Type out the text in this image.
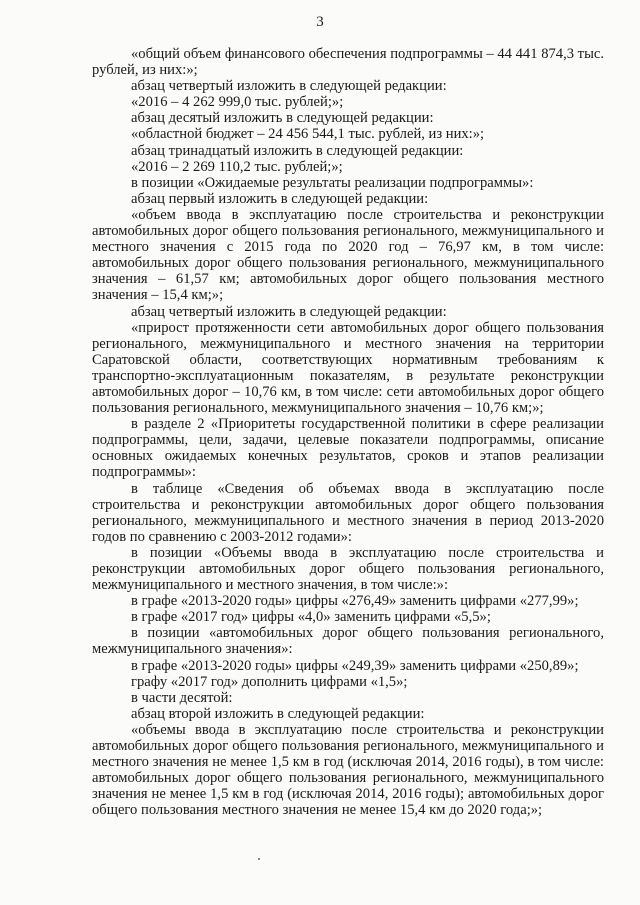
3

«общий объем финансового обеспечения подпрограммы – 44 441 874,3 тыс. рублей, из них:»;

абзац четвертый изложить в следующей редакции:

«2016 – 4 262 999,0 тыс. рублей;»;

абзац десятый изложить в следующей редакции:

«областной бюджет – 24 456 544,1 тыс. рублей, из них:»;

абзац тринадцатый изложить в следующей редакции:

«2016 – 2 269 110,2 тыс. рублей;»;

в позиции «Ожидаемые результаты реализации подпрограммы»:

абзац первый изложить в следующей редакции:

«объем ввода в эксплуатацию после строительства и реконструкции автомобильных дорог общего пользования регионального, межмуниципального и местного значения с 2015 года по 2020 год – 76,97 км, в том числе: автомобильных дорог общего пользования регионального, межмуниципального значения – 61,57 км; автомобильных дорог общего пользования местного значения – 15,4 км;»;

абзац четвертый изложить в следующей редакции:

«прирост протяженности сети автомобильных дорог общего пользования регионального, межмуниципального и местного значения на территории Саратовской области, соответствующих нормативным требованиям к транспортно-эксплуатационным показателям, в результате реконструкции автомобильных дорог – 10,76 км, в том числе: сети автомобильных дорог общего пользования регионального, межмуниципального значения – 10,76 км;»;

в разделе 2 «Приоритеты государственной политики в сфере реализации подпрограммы, цели, задачи, целевые показатели подпрограммы, описание основных ожидаемых конечных результатов, сроков и этапов реализации подпрограммы»:

в таблице «Сведения об объемах ввода в эксплуатацию после строительства и реконструкции автомобильных дорог общего пользования регионального, межмуниципального и местного значения в период 2013-2020 годов по сравнению с 2003-2012 годами»:

в позиции «Объемы ввода в эксплуатацию после строительства и реконструкции автомобильных дорог общего пользования регионального, межмуниципального и местного значения, в том числе:»:

в графе «2013-2020 годы» цифры «276,49» заменить цифрами «277,99»;

в графе «2017 год» цифры «4,0» заменить цифрами «5,5»;

в позиции «автомобильных дорог общего пользования регионального, межмуниципального значения»:

в графе «2013-2020 годы» цифры «249,39» заменить цифрами «250,89»;

графу «2017 год» дополнить цифрами «1,5»;

в части десятой:

абзац второй изложить в следующей редакции:

«объемы ввода в эксплуатацию после строительства и реконструкции автомобильных дорог общего пользования регионального, межмуниципального и местного значения не менее 1,5 км в год (исключая 2014, 2016 годы), в том числе: автомобильных дорог общего пользования регионального, межмуниципального значения не менее 1,5 км в год (исключая 2014, 2016 годы); автомобильных дорог общего пользования местного значения не менее 15,4 км до 2020 года;»;
